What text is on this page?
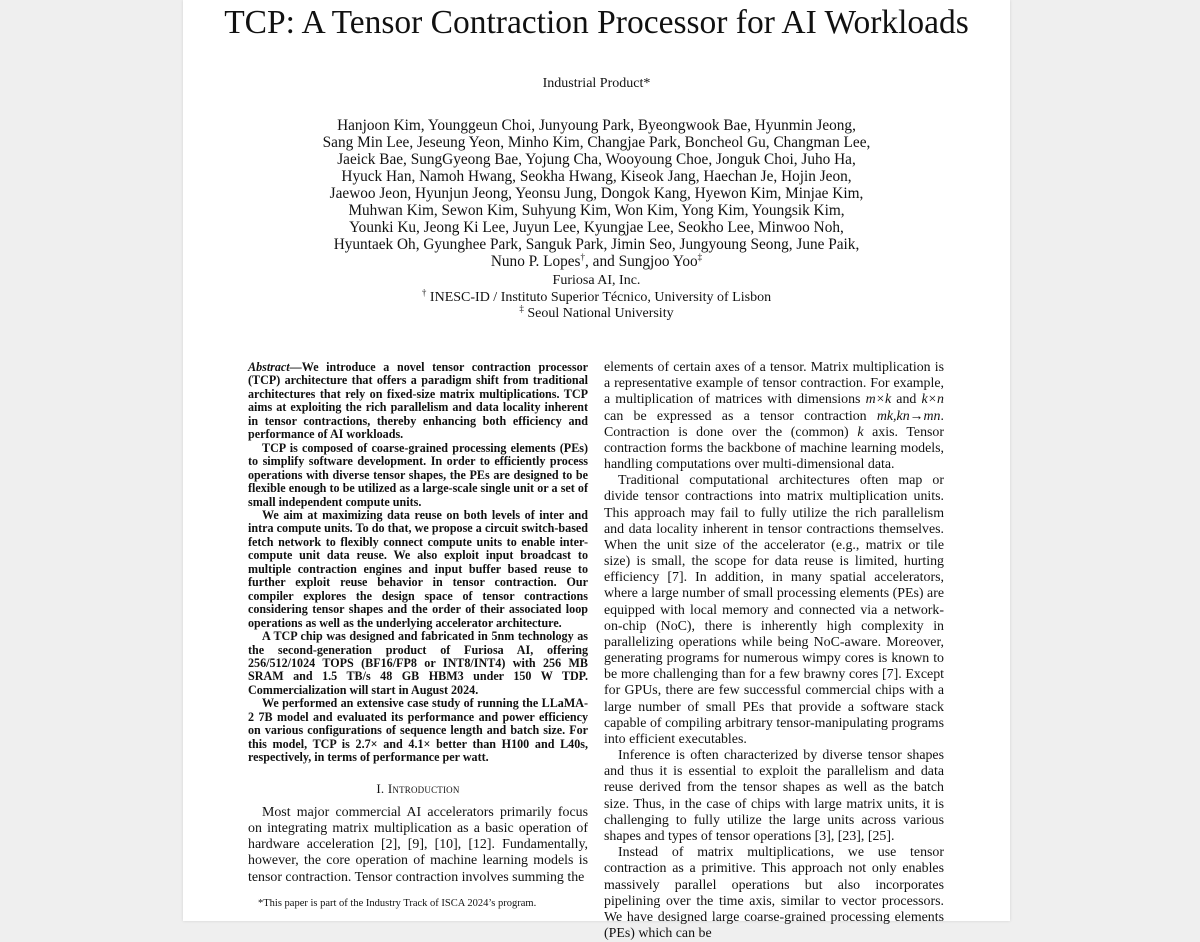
TCP: A Tensor Contraction Processor for AI Workloads
Industrial Product*
Hanjoon Kim, Younggeun Choi, Junyoung Park, Byeongwook Bae, Hyunmin Jeong,
Sang Min Lee, Jeseung Yeon, Minho Kim, Changjae Park, Boncheol Gu, Changman Lee,
Jaeick Bae, SungGyeong Bae, Yojung Cha, Wooyoung Choe, Jonguk Choi, Juho Ha,
Hyuck Han, Namoh Hwang, Seokha Hwang, Kiseok Jang, Haechan Je, Hojin Jeon,
Jaewoo Jeon, Hyunjun Jeong, Yeonsu Jung, Dongok Kang, Hyewon Kim, Minjae Kim,
Muhwan Kim, Sewon Kim, Suhyung Kim, Won Kim, Yong Kim, Youngsik Kim,
Younki Ku, Jeong Ki Lee, Juyun Lee, Kyungjae Lee, Seokho Lee, Minwoo Noh,
Hyuntaek Oh, Gyunghee Park, Sanguk Park, Jimin Seo, Jungyoung Seong, June Paik,
Nuno P. Lopes†, and Sungjoo Yoo‡
Furiosa AI, Inc.
† INESC-ID / Instituto Superior Técnico, University of Lisbon
‡ Seoul National University

Abstract—We introduce a novel tensor contraction processor (TCP) architecture that offers a paradigm shift from traditional architectures that rely on fixed-size matrix multiplications. TCP aims at exploiting the rich parallelism and data locality inherent in tensor contractions, thereby enhancing both efficiency and performance of AI workloads.

TCP is composed of coarse-grained processing elements (PEs) to simplify software development. In order to efficiently process operations with diverse tensor shapes, the PEs are designed to be flexible enough to be utilized as a large-scale single unit or a set of small independent compute units.

We aim at maximizing data reuse on both levels of inter and intra compute units. To do that, we propose a circuit switch-based fetch network to flexibly connect compute units to enable inter-compute unit data reuse. We also exploit input broadcast to multiple contraction engines and input buffer based reuse to further exploit reuse behavior in tensor contraction. Our compiler explores the design space of tensor contractions considering tensor shapes and the order of their associated loop operations as well as the underlying accelerator architecture.

A TCP chip was designed and fabricated in 5nm technology as the second-generation product of Furiosa AI, offering 256/512/1024 TOPS (BF16/FP8 or INT8/INT4) with 256 MB SRAM and 1.5 TB/s 48 GB HBM3 under 150 W TDP. Commercialization will start in August 2024.

We performed an extensive case study of running the LLaMA-2 7B model and evaluated its performance and power efficiency on various configurations of sequence length and batch size. For this model, TCP is 2.7× and 4.1× better than H100 and L40s, respectively, in terms of performance per watt.

I. Introduction

Most major commercial AI accelerators primarily focus on integrating matrix multiplication as a basic operation of hardware acceleration [2], [9], [10], [12]. Fundamentally, however, the core operation of machine learning models is tensor contraction. Tensor contraction involves summing the

*This paper is part of the Industry Track of ISCA 2024’s program.

elements of certain axes of a tensor. Matrix multiplication is a representative example of tensor contraction. For example, a multiplication of matrices with dimensions m×k and k×n can be expressed as a tensor contraction mk,kn→mn. Contraction is done over the (common) k axis. Tensor contraction forms the backbone of machine learning models, handling computations over multi-dimensional data.

Traditional computational architectures often map or divide tensor contractions into matrix multiplication units. This approach may fail to fully utilize the rich parallelism and data locality inherent in tensor contractions themselves. When the unit size of the accelerator (e.g., matrix or tile size) is small, the scope for data reuse is limited, hurting efficiency [7]. In addition, in many spatial accelerators, where a large number of small processing elements (PEs) are equipped with local memory and connected via a network-on-chip (NoC), there is inherently high complexity in parallelizing operations while being NoC-aware. Moreover, generating programs for numerous wimpy cores is known to be more challenging than for a few brawny cores [7]. Except for GPUs, there are few successful commercial chips with a large number of small PEs that provide a software stack capable of compiling arbitrary tensor-manipulating programs into efficient executables.

Inference is often characterized by diverse tensor shapes and thus it is essential to exploit the parallelism and data reuse derived from the tensor shapes as well as the batch size. Thus, in the case of chips with large matrix units, it is challenging to fully utilize the large units across various shapes and types of tensor operations [3], [23], [25].

Instead of matrix multiplications, we use tensor contraction as a primitive. This approach not only enables massively parallel operations but also incorporates pipelining over the time axis, similar to vector processors. We have designed large coarse-grained processing elements (PEs) which can be
